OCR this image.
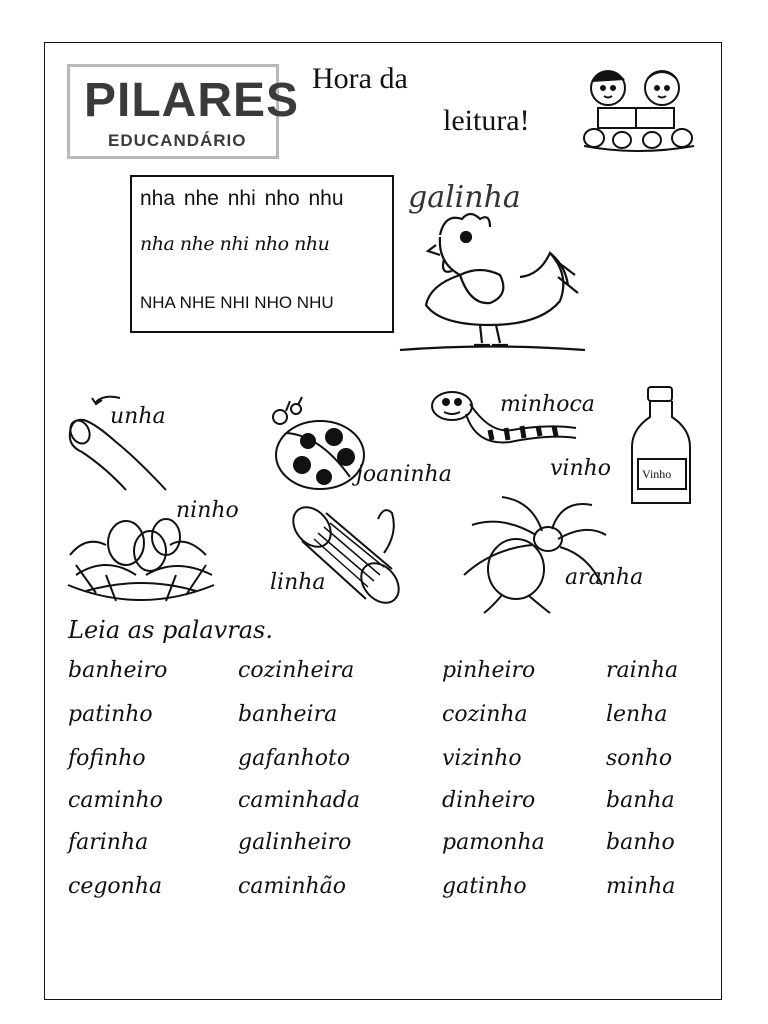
PILARES
EDUCANDÁRIO
Hora da
leitura!
nha nhe nhi nho nhu
nha nhe nhi nho nhu
NHA NHE NHI NHO NHU
galinha
unha
joaninha
minhoca
Vinho
vinho
ninho
linha	aranha
Leia as palavras.
banheiro	cozinheira	pinheiro	rainha
patinho	banheira	cozinha	lenha
fofinho	gafanhoto	vizinho	sonho
caminho	caminhada	dinheiro	banha
farinha	galinheiro	pamonha	banho
cegonha	caminhão	gatinho	minha
